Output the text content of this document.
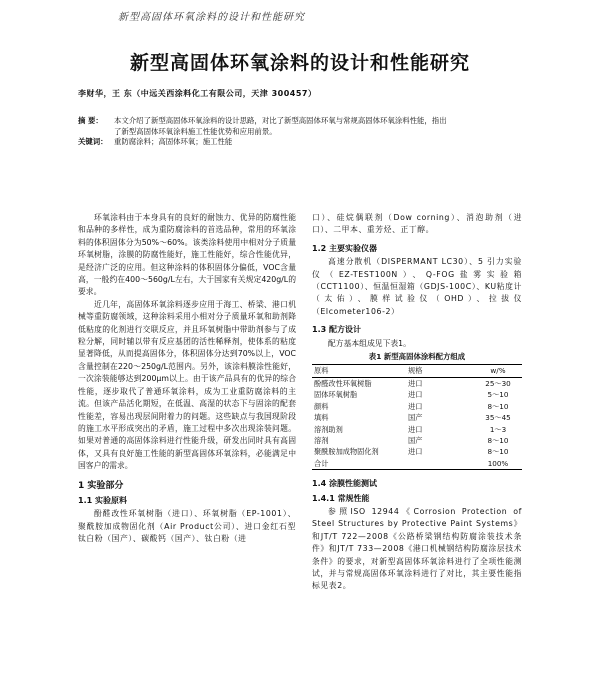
新型高固体环氧涂料的设计和性能研究
新型高固体环氧涂料的设计和性能研究
李财华，王 东（中远关西涂料化工有限公司，天津 300457）
摘 要：	本文介绍了新型高固体环氧涂料的设计思路，对比了新型高固体环氧与常规高固体环氧涂料性能，指出
了新型高固体环氧涂料施工性能优势和应用前景。
关键词： 重防腐涂料；高固体环氧；施工性能

环氧涂料由于本身具有的良好的耐蚀力、优异的防腐性能和品种的多样性，成为重防腐涂料的首选品种，常用的环氧涂料的体积固体分为50%～60%。该类涂料使用中相对分子质量环氧树脂，涂膜的防腐性能好，施工性能好，综合性能优异，是经济广泛的应用。但这种涂料的体积固体分偏低，VOC含量高，一般约在400～560g/L左右，大于国家有关规定420g/L的要求。

近几年，高固体环氧涂料逐步应用于海工、桥梁、港口机械等重防腐领域，这种涂料采用小相对分子质量环氧和助剂降低粘度的化剂进行交联反应，并且环氧树脂中带助剂参与了成粒分解，同时辅以带有反应基团的活性稀释剂，使体系的粘度显著降低，从而提高固体分，体积固体分达到70%以上，VOC含量控制在220～250g/L范围内。另外，该涂料膜涂性能好，一次涂装能够达到200μm以上。由于该产品具有的优异的综合性能，逐步取代了普通环氧涂料，成为工业重防腐涂料的主流。但该产品活化期短，在低温、高湿的状态下与固涂的配套性能差，容易出现层间附着力的问题。这些缺点与我国现阶段的施工水平形成突出的矛盾，施工过程中多次出现涂装问题。如果对普通的高固体涂料进行性能升级，研发出同时具有高固体，又具有良好施工性能的新型高固体环氧涂料，必能满足中国客户的需求。

1 实验部分
1.1 实验原料

酚醛改性环氧树脂（进口）、环氧树脂（EP-1001）、聚酰胺加成物固化剂（Air Product公司）、进口金红石型钛白粉（国产）、碳酸钙（国产）、钛白粉（进

口）、硅烷偶联剂（Dow corning）、消泡助剂（进口）、二甲本、重芳烃、正丁醇。

1.2 主要实验仪器

高速分散机（DISPERMANT LC30）、5 引力实验仪（EZ-TEST100N）、Q-FOG盐雾实验箱（CCT1100）、恒温恒湿箱（GDJS-100C）、KU粘度计（太佑）、膜样试验仪（OHD）、拉拔仪（Elcometer106-2）

1.3 配方设计

配方基本组成见下表1。

表1 新型高固体涂料配方组成
原料	规格	w/%
酚醛改性环氧树脂	进口	25～30
固体环氧树脂	进口	5～10
颜料	进口	8～10
填料	国产	35～45
溶剂助剂	进口	1～3
溶剂	国产	8～10
聚酰胺加成物固化剂	进口	8～10
合计		100%
1.4 涂膜性能测试
1.4.1 常规性能

参照ISO 12944《Corrosion Protection of Steel Structures by Protective Paint Systems》和JT/T 722—2008《公路桥梁钢结构防腐涂装技术条件》和JT/T 733—2008《港口机械钢结构防腐涂层技术条件》的要求，对新型高固体环氧涂料进行了全项性能测试，并与常规高固体环氧涂料进行了对比，其主要性能指标见表2。
